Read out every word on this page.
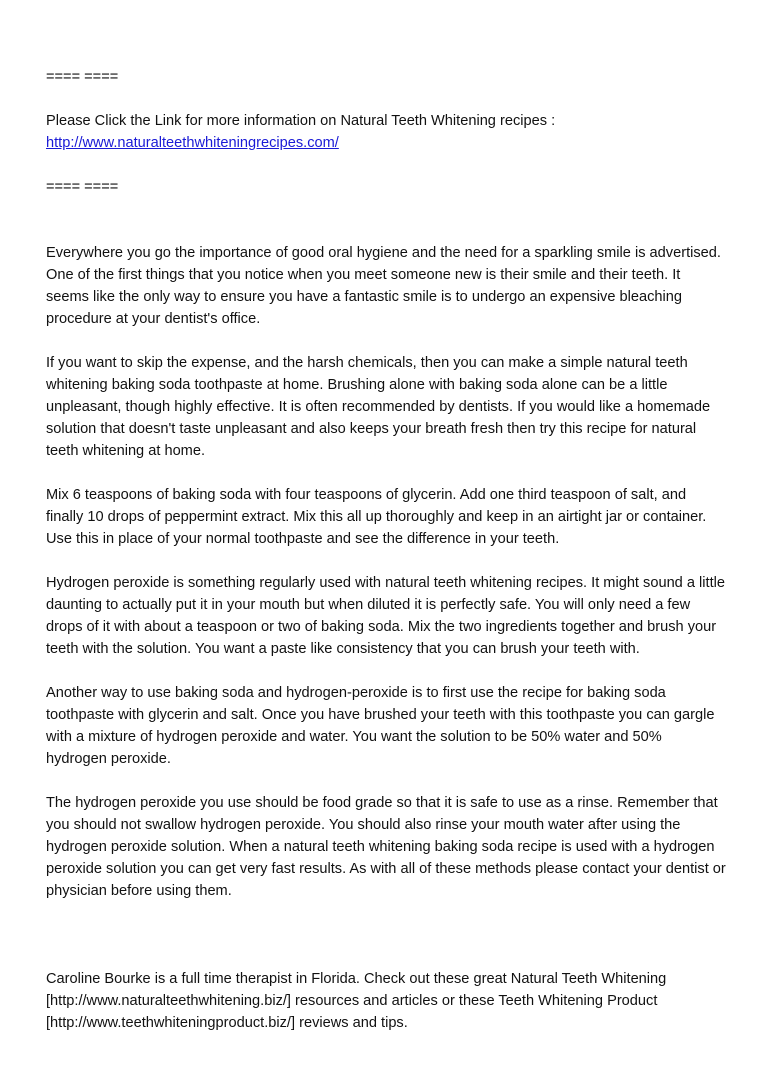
==== ====

Please Click the Link for more information on Natural Teeth Whitening recipes :

http://www.naturalteethwhiteningrecipes.com/

==== ====

Everywhere you go the importance of good oral hygiene and the need for a sparkling smile is advertised. One of the first things that you notice when you meet someone new is their smile and their teeth. It seems like the only way to ensure you have a fantastic smile is to undergo an expensive bleaching procedure at your dentist's office.

If you want to skip the expense, and the harsh chemicals, then you can make a simple natural teeth whitening baking soda toothpaste at home. Brushing alone with baking soda alone can be a little unpleasant, though highly effective. It is often recommended by dentists. If you would like a homemade solution that doesn't taste unpleasant and also keeps your breath fresh then try this recipe for natural teeth whitening at home.

Mix 6 teaspoons of baking soda with four teaspoons of glycerin. Add one third teaspoon of salt, and finally 10 drops of peppermint extract. Mix this all up thoroughly and keep in an airtight jar or container. Use this in place of your normal toothpaste and see the difference in your teeth.

Hydrogen peroxide is something regularly used with natural teeth whitening recipes. It might sound a little daunting to actually put it in your mouth but when diluted it is perfectly safe. You will only need a few drops of it with about a teaspoon or two of baking soda. Mix the two ingredients together and brush your teeth with the solution. You want a paste like consistency that you can brush your teeth with.

Another way to use baking soda and hydrogen-peroxide is to first use the recipe for baking soda toothpaste with glycerin and salt. Once you have brushed your teeth with this toothpaste you can gargle with a mixture of hydrogen peroxide and water. You want the solution to be 50% water and 50% hydrogen peroxide.

The hydrogen peroxide you use should be food grade so that it is safe to use as a rinse. Remember that you should not swallow hydrogen peroxide. You should also rinse your mouth water after using the hydrogen peroxide solution. When a natural teeth whitening baking soda recipe is used with a hydrogen peroxide solution you can get very fast results. As with all of these methods please contact your dentist or physician before using them.

Caroline Bourke is a full time therapist in Florida. Check out these great Natural Teeth Whitening [http://www.naturalteethwhitening.biz/] resources and articles or these Teeth Whitening Product [http://www.teethwhiteningproduct.biz/] reviews and tips.
